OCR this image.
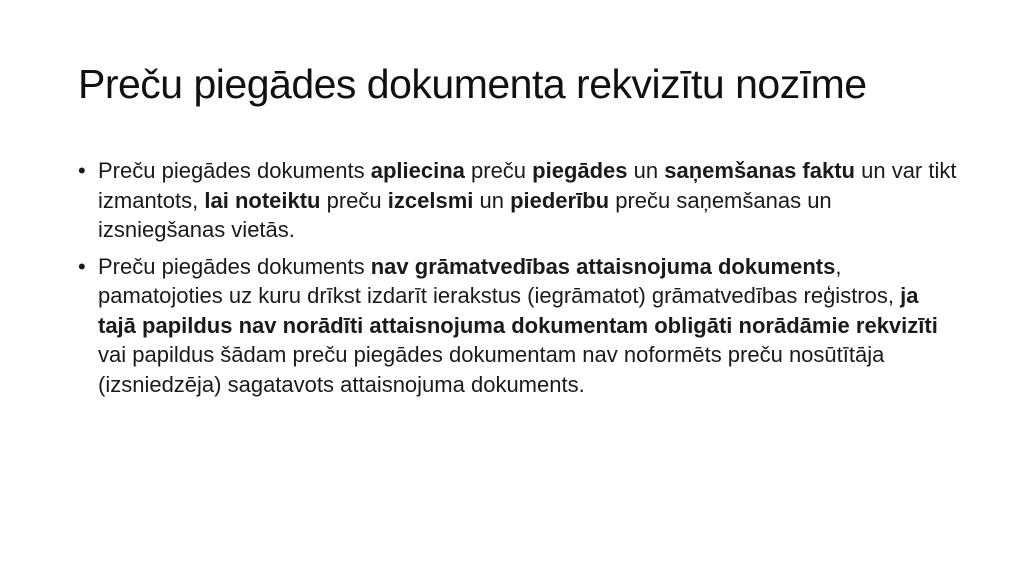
Preču piegādes dokumenta rekvizītu nozīme
• Preču piegādes dokuments apliecina preču piegādes un saņemšanas faktu un var tikt izmantots, lai noteiktu preču izcelsmi un piederību preču saņemšanas un izsniegšanas vietās.
• Preču piegādes dokuments nav grāmatvedības attaisnojuma dokuments, pamatojoties uz kuru drīkst izdarīt ierakstus (iegrāmatot) grāmatvedības reģistros, ja tajā papildus nav norādīti attaisnojuma dokumentam obligāti norādāmie rekvizīti vai papildus šādam preču piegādes dokumentam nav noformēts preču nosūtītāja (izsniedzēja) sagatavots attaisnojuma dokuments.
